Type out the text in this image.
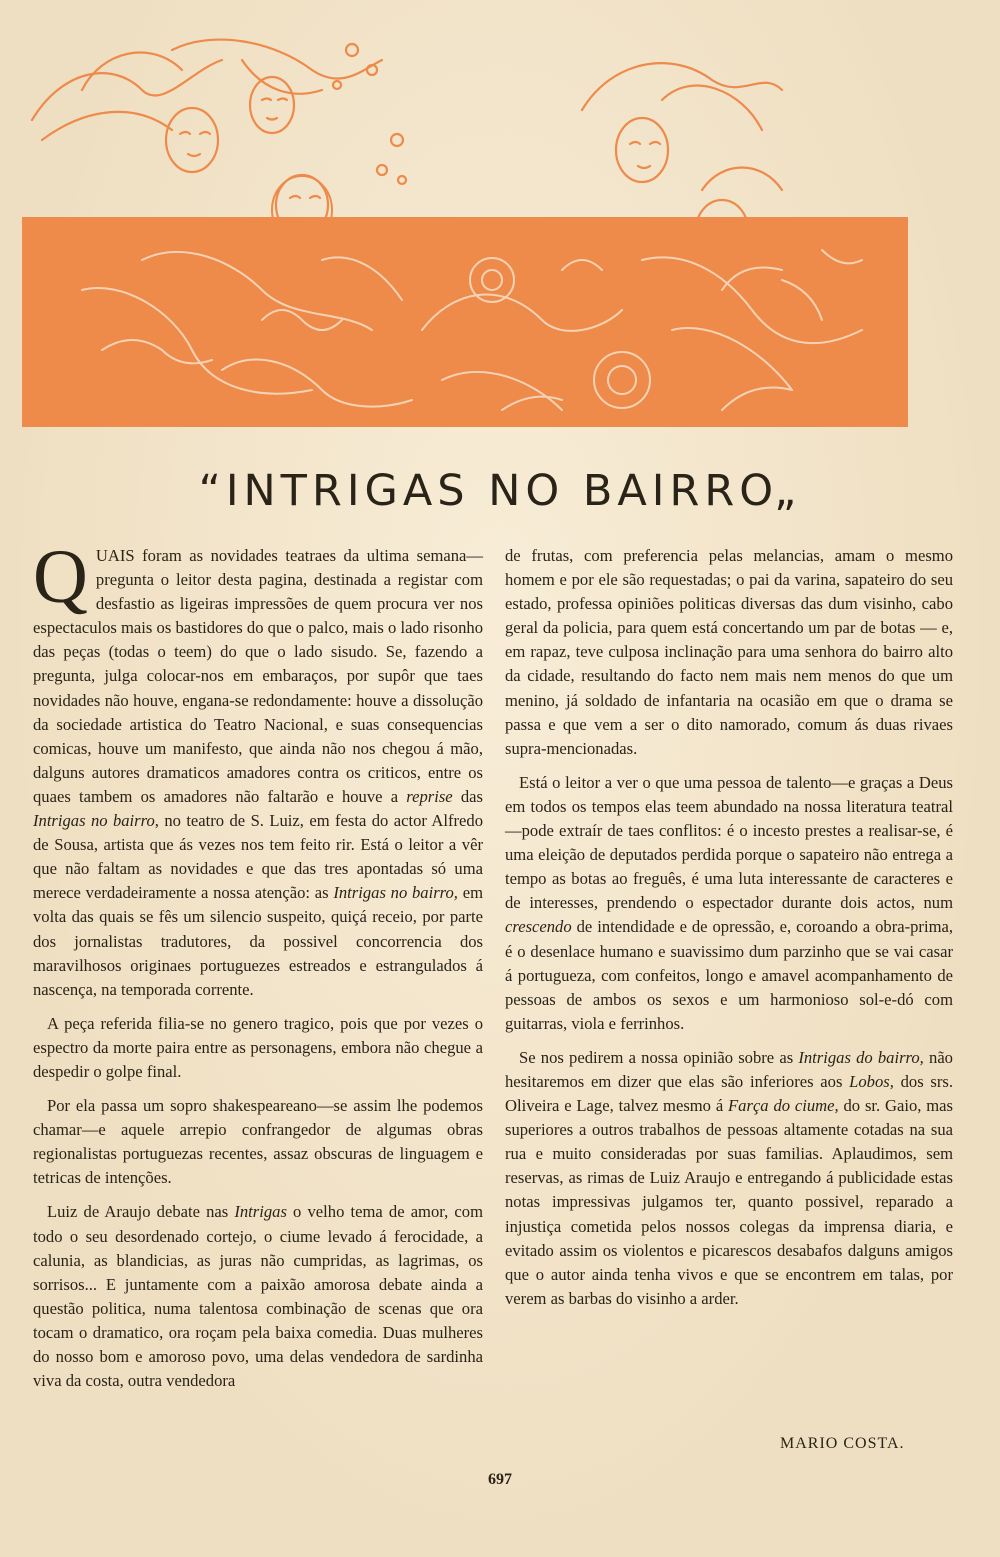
“INTRIGAS NO BAIRRO„

QUAIS foram as novidades teatraes da ultima semana—pregunta o leitor desta pagina, destinada a registar com desfastio as ligeiras impressões de quem procura ver nos espectaculos mais os bastidores do que o palco, mais o lado risonho das peças (todas o teem) do que o lado sisudo. Se, fazendo a pregunta, julga colocar-nos em embaraços, por supôr que taes novidades não houve, engana-se redondamente: houve a dissolução da sociedade artistica do Teatro Nacional, e suas consequencias comicas, houve um manifesto, que ainda não nos chegou á mão, dalguns autores dramaticos amadores contra os criticos, entre os quaes tambem os amadores não faltarão e houve a reprise das Intrigas no bairro, no teatro de S. Luiz, em festa do actor Alfredo de Sousa, artista que ás vezes nos tem feito rir. Está o leitor a vêr que não faltam as novidades e que das tres apontadas só uma merece verdadeiramente a nossa atenção: as Intrigas no bairro, em volta das quais se fês um silencio suspeito, quiçá receio, por parte dos jornalistas tradutores, da possivel concorrencia dos maravilhosos originaes portuguezes estreados e estrangulados á nascença, na temporada corrente.

A peça referida filia-se no genero tragico, pois que por vezes o espectro da morte paira entre as personagens, embora não chegue a despedir o golpe final.

Por ela passa um sopro shakespeareano—se assim lhe podemos chamar—e aquele arrepio confrangedor de algumas obras regionalistas portuguezas recentes, assaz obscuras de linguagem e tetricas de intenções.

Luiz de Araujo debate nas Intrigas o velho tema de amor, com todo o seu desordenado cortejo, o ciume levado á ferocidade, a calunia, as blandicias, as juras não cumpridas, as lagrimas, os sorrisos... E juntamente com a paixão amorosa debate ainda a questão politica, numa talentosa combinação de scenas que ora tocam o dramatico, ora roçam pela baixa comedia. Duas mulheres do nosso bom e amoroso povo, uma delas vendedora de sardinha viva da costa, outra vendedora

de frutas, com preferencia pelas melancias, amam o mesmo homem e por ele são requestadas; o pai da varina, sapateiro do seu estado, professa opiniões politicas diversas das dum visinho, cabo geral da policia, para quem está concertando um par de botas — e, em rapaz, teve culposa inclinação para uma senhora do bairro alto da cidade, resultando do facto nem mais nem menos do que um menino, já soldado de infantaria na ocasião em que o drama se passa e que vem a ser o dito namorado, comum ás duas rivaes supra-mencionadas.

Está o leitor a ver o que uma pessoa de talento—e graças a Deus em todos os tempos elas teem abundado na nossa literatura teatral—pode extraír de taes conflitos: é o incesto prestes a realisar-se, é uma eleição de deputados perdida porque o sapateiro não entrega a tempo as botas ao freguês, é uma luta interessante de caracteres e de interesses, prendendo o espectador durante dois actos, num crescendo de intendidade e de opressão, e, coroando a obra-prima, é o desenlace humano e suavissimo dum parzinho que se vai casar á portugueza, com confeitos, longo e amavel acompanhamento de pessoas de ambos os sexos e um harmonioso sol-e-dó com guitarras, viola e ferrinhos.

Se nos pedirem a nossa opinião sobre as Intrigas do bairro, não hesitaremos em dizer que elas são inferiores aos Lobos, dos srs. Oliveira e Lage, talvez mesmo á Farça do ciume, do sr. Gaio, mas superiores a outros trabalhos de pessoas altamente cotadas na sua rua e muito consideradas por suas familias. Aplaudimos, sem reservas, as rimas de Luiz Araujo e entregando á publicidade estas notas impressivas julgamos ter, quanto possivel, reparado a injustiça cometida pelos nossos colegas da imprensa diaria, e evitado assim os violentos e picarescos desabafos dalguns amigos que o autor ainda tenha vivos e que se encontrem em talas, por verem as barbas do visinho a arder.

MARIO COSTA.
697
